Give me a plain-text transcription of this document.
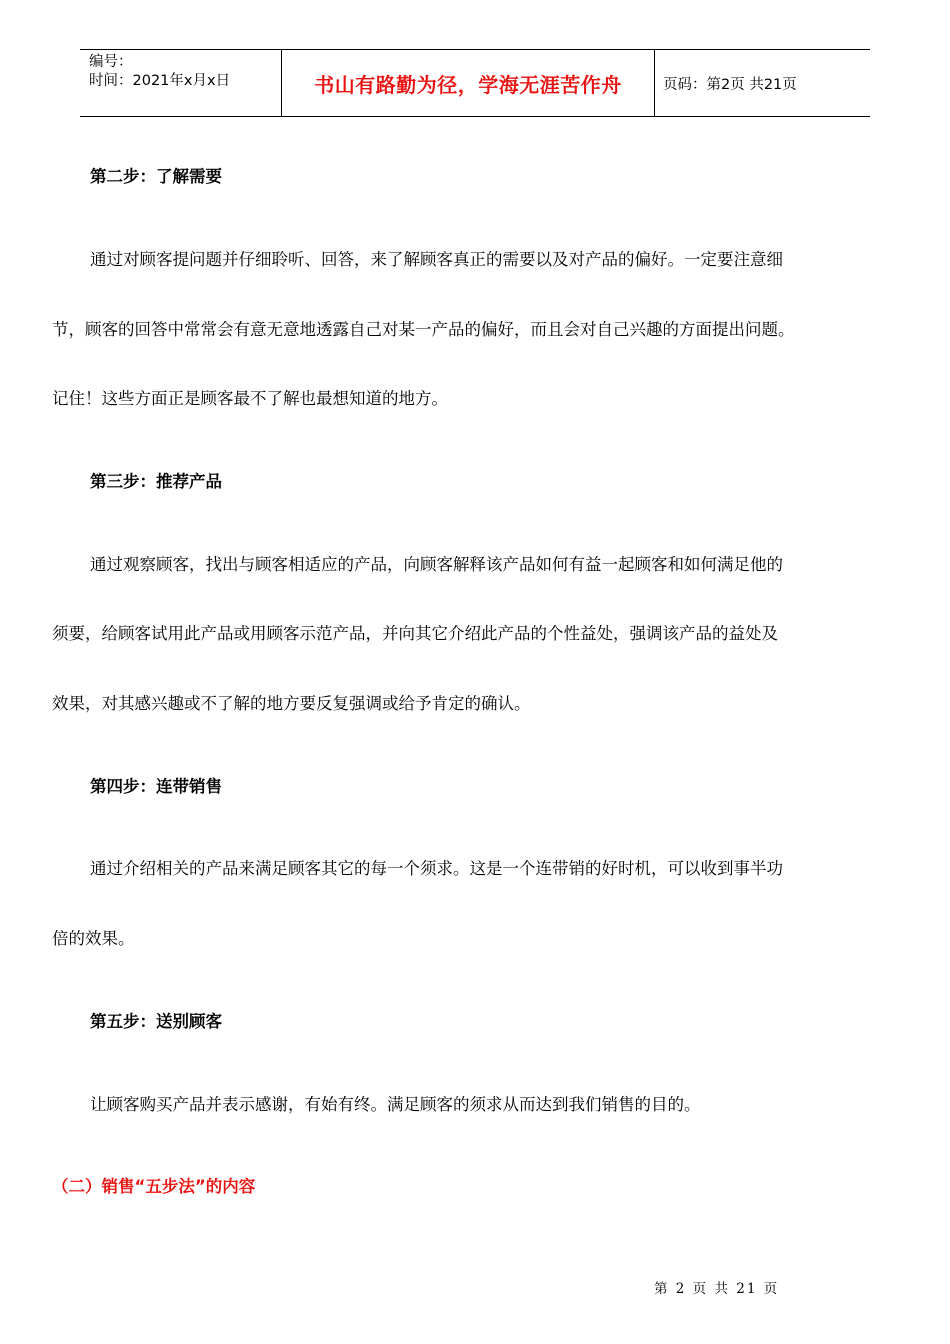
编号：
时间：2021年x月x日	书山有路勤为径，学海无涯苦作舟	页码：第2页 共21页
第二步：了解需要
通过对顾客提问题并仔细聆听、回答，来了解顾客真正的需要以及对产品的偏好。一定要注意细
节，顾客的回答中常常会有意无意地透露自己对某一产品的偏好，而且会对自己兴趣的方面提出问题。
记住！这些方面正是顾客最不了解也最想知道的地方。
第三步：推荐产品
通过观察顾客，找出与顾客相适应的产品，向顾客解释该产品如何有益一起顾客和如何满足他的
须要，给顾客试用此产品或用顾客示范产品，并向其它介绍此产品的个性益处，强调该产品的益处及
效果，对其感兴趣或不了解的地方要反复强调或给予肯定的确认。
第四步：连带销售
通过介绍相关的产品来满足顾客其它的每一个须求。这是一个连带销的好时机，可以收到事半功
倍的效果。
第五步：送别顾客
让顾客购买产品并表示感谢，有始有终。满足顾客的须求从而达到我们销售的目的。
（二）销售“五步法”的内容
第 2 页 共 21 页
